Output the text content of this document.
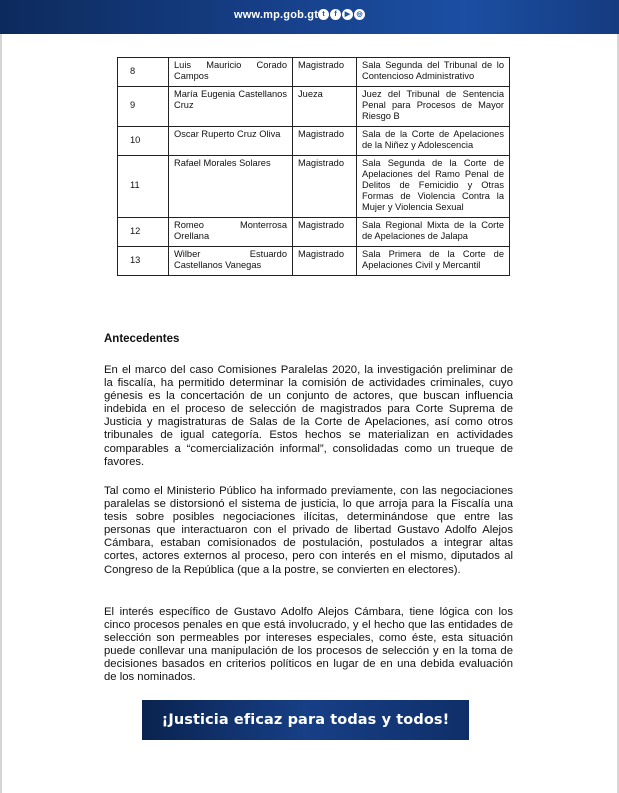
www.mp.gob.gt t	f	▶ ◎
8	Luis Mauricio Corado Campos	Magistrado	Sala Segunda del Tribunal de lo Contencioso Administrativo
9	María Eugenia Castellanos Cruz	Jueza	Juez del Tribunal de Sentencia Penal para Procesos de Mayor Riesgo B
10	Oscar Ruperto Cruz Oliva	Magistrado	Sala de la Corte de Apelaciones de la Niñez y Adolescencia
11	Rafael Morales Solares	Magistrado	Sala Segunda de la Corte de Apelaciones del Ramo Penal de Delitos de Femicidio y Otras Formas de Violencia Contra la Mujer y Violencia Sexual
12	Romeo Monterrosa Orellana	Magistrado	Sala Regional Mixta de la Corte de Apelaciones de Jalapa
13	Wilber Estuardo Castellanos Vanegas	Magistrado	Sala Primera de la Corte de Apelaciones Civil y Mercantil
Antecedentes

En el marco del caso Comisiones Paralelas 2020, la investigación preliminar de la fiscalía, ha permitido determinar la comisión de actividades criminales, cuyo génesis es la concertación de un conjunto de actores, que buscan influencia indebida en el proceso de selección de magistrados para Corte Suprema de Justicia y magistraturas de Salas de la Corte de Apelaciones, así como otros tribunales de igual categoría. Estos hechos se materializan en actividades comparables a “comercialización informal”, consolidadas como un trueque de favores.

Tal como el Ministerio Público ha informado previamente, con las negociaciones paralelas se distorsionó el sistema de justicia, lo que arroja para la Fiscalía una tesis sobre posibles negociaciones ilícitas, determinándose que entre las personas que interactuaron con el privado de libertad Gustavo Adolfo Alejos Cámbara, estaban comisionados de postulación, postulados a integrar altas cortes, actores externos al proceso, pero con interés en el mismo, diputados al Congreso de la República (que a la postre, se convierten en electores).

El interés específico de Gustavo Adolfo Alejos Cámbara, tiene lógica con los cinco procesos penales en que está involucrado, y el hecho que las entidades de selección son permeables por intereses especiales, como éste, esta situación puede conllevar una manipulación de los procesos de selección y en la toma de decisiones basados en criterios políticos en lugar de en una debida evaluación de los nominados.

¡Justicia eficaz para todas y todos!
